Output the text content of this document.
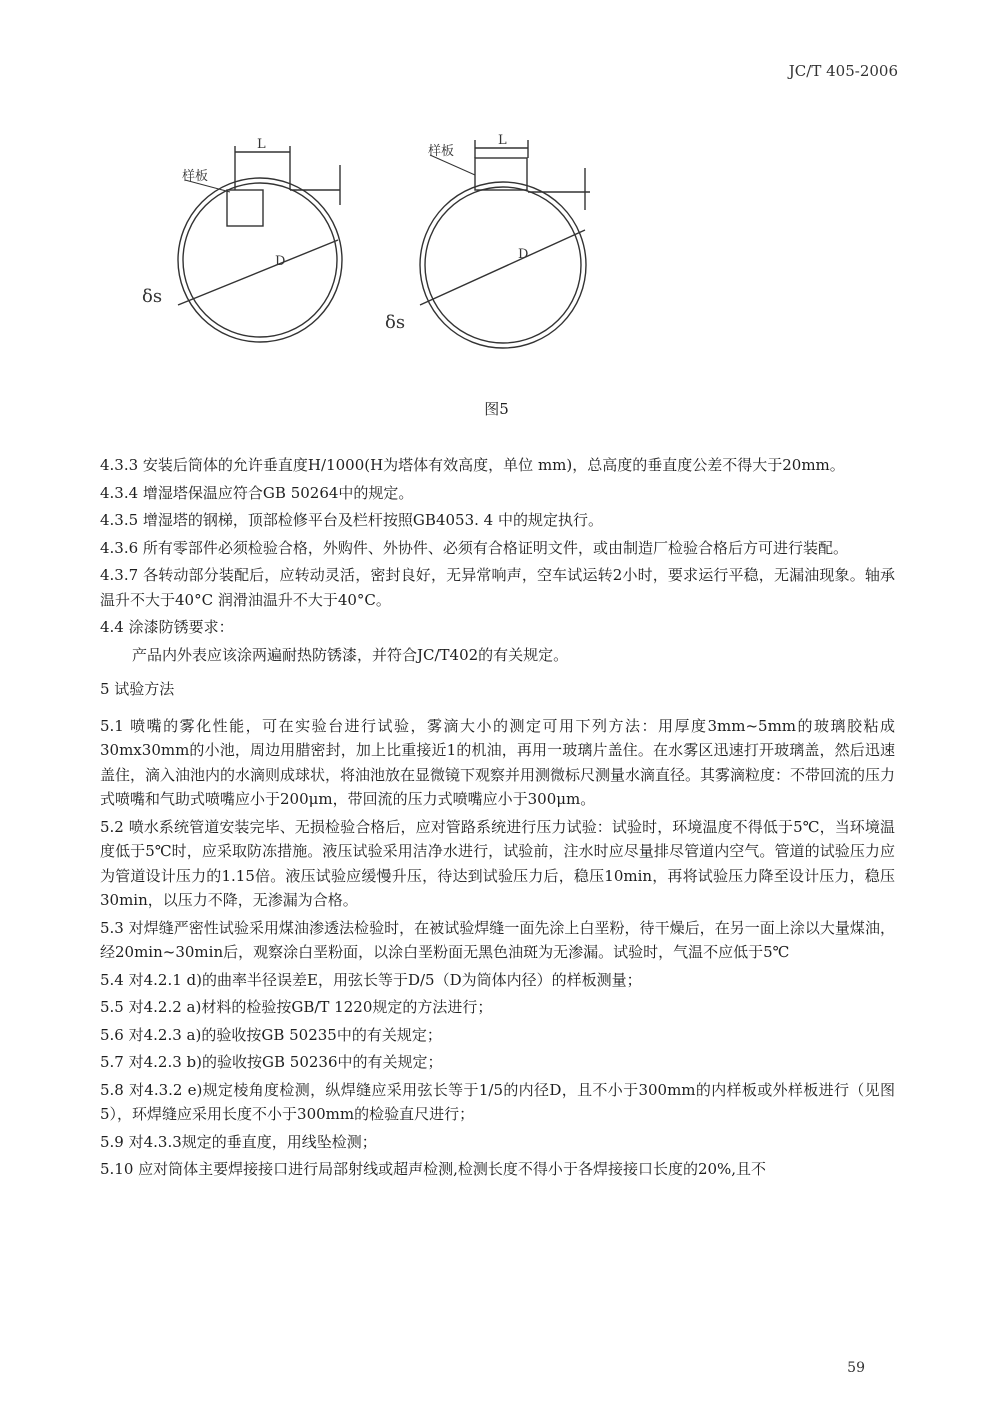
JC/T 405-2006
样板
L
D
δs
样板
L
D
δs
图5

4.3.3 安装后筒体的允许垂直度H/1000(H为塔体有效高度，单位 mm)，总高度的垂直度公差不得大于20mm。

4.3.4 增湿塔保温应符合GB 50264中的规定。

4.3.5 增湿塔的钢梯，顶部检修平台及栏杆按照GB4053. 4 中的规定执行。

4.3.6 所有零部件必须检验合格，外购件、外协件、必须有合格证明文件，或由制造厂检验合格后方可进行装配。

4.3.7 各转动部分装配后，应转动灵活，密封良好，无异常响声，空车试运转2小时，要求运行平稳，无漏油现象。轴承温升不大于40°C 润滑油温升不大于40°C。

4.4 涂漆防锈要求：

产品内外表应该涂两遍耐热防锈漆，并符合JC/T402的有关规定。

5 试验方法

5.1 喷嘴的雾化性能，可在实验台进行试验，雾滴大小的测定可用下列方法：用厚度3mm~5mm的玻璃胶粘成30mx30mm的小池，周边用腊密封，加上比重接近1的机油，再用一玻璃片盖住。在水雾区迅速打开玻璃盖，然后迅速盖住，滴入油池内的水滴则成球状，将油池放在显微镜下观察并用测微标尺测量水滴直径。其雾滴粒度：不带回流的压力式喷嘴和气助式喷嘴应小于200μm，带回流的压力式喷嘴应小于300μm。

5.2 喷水系统管道安装完毕、无损检验合格后，应对管路系统进行压力试验：试验时，环境温度不得低于5℃，当环境温度低于5℃时，应采取防冻措施。液压试验采用洁净水进行，试验前，注水时应尽量排尽管道内空气。管道的试验压力应为管道设计压力的1.15倍。液压试验应缓慢升压，待达到试验压力后，稳压10min，再将试验压力降至设计压力，稳压30min，以压力不降，无渗漏为合格。

5.3 对焊缝严密性试验采用煤油渗透法检验时，在被试验焊缝一面先涂上白垩粉，待干燥后，在另一面上涂以大量煤油，经20min~30min后，观察涂白垩粉面，以涂白垩粉面无黑色油斑为无渗漏。试验时，气温不应低于5℃

5.4 对4.2.1 d)的曲率半径误差E，用弦长等于D/5（D为筒体内径）的样板测量；

5.5 对4.2.2 a)材料的检验按GB/T 1220规定的方法进行；

5.6 对4.2.3 a)的验收按GB 50235中的有关规定；

5.7 对4.2.3 b)的验收按GB 50236中的有关规定；

5.8 对4.3.2 e)规定棱角度检测，纵焊缝应采用弦长等于1/5的内径D，且不小于300mm的内样板或外样板进行（见图5），环焊缝应采用长度不小于300mm的检验直尺进行；

5.9 对4.3.3规定的垂直度，用线坠检测；

5.10 应对筒体主要焊接接口进行局部射线或超声检测,检测长度不得小于各焊接接口长度的20%,且不

59
